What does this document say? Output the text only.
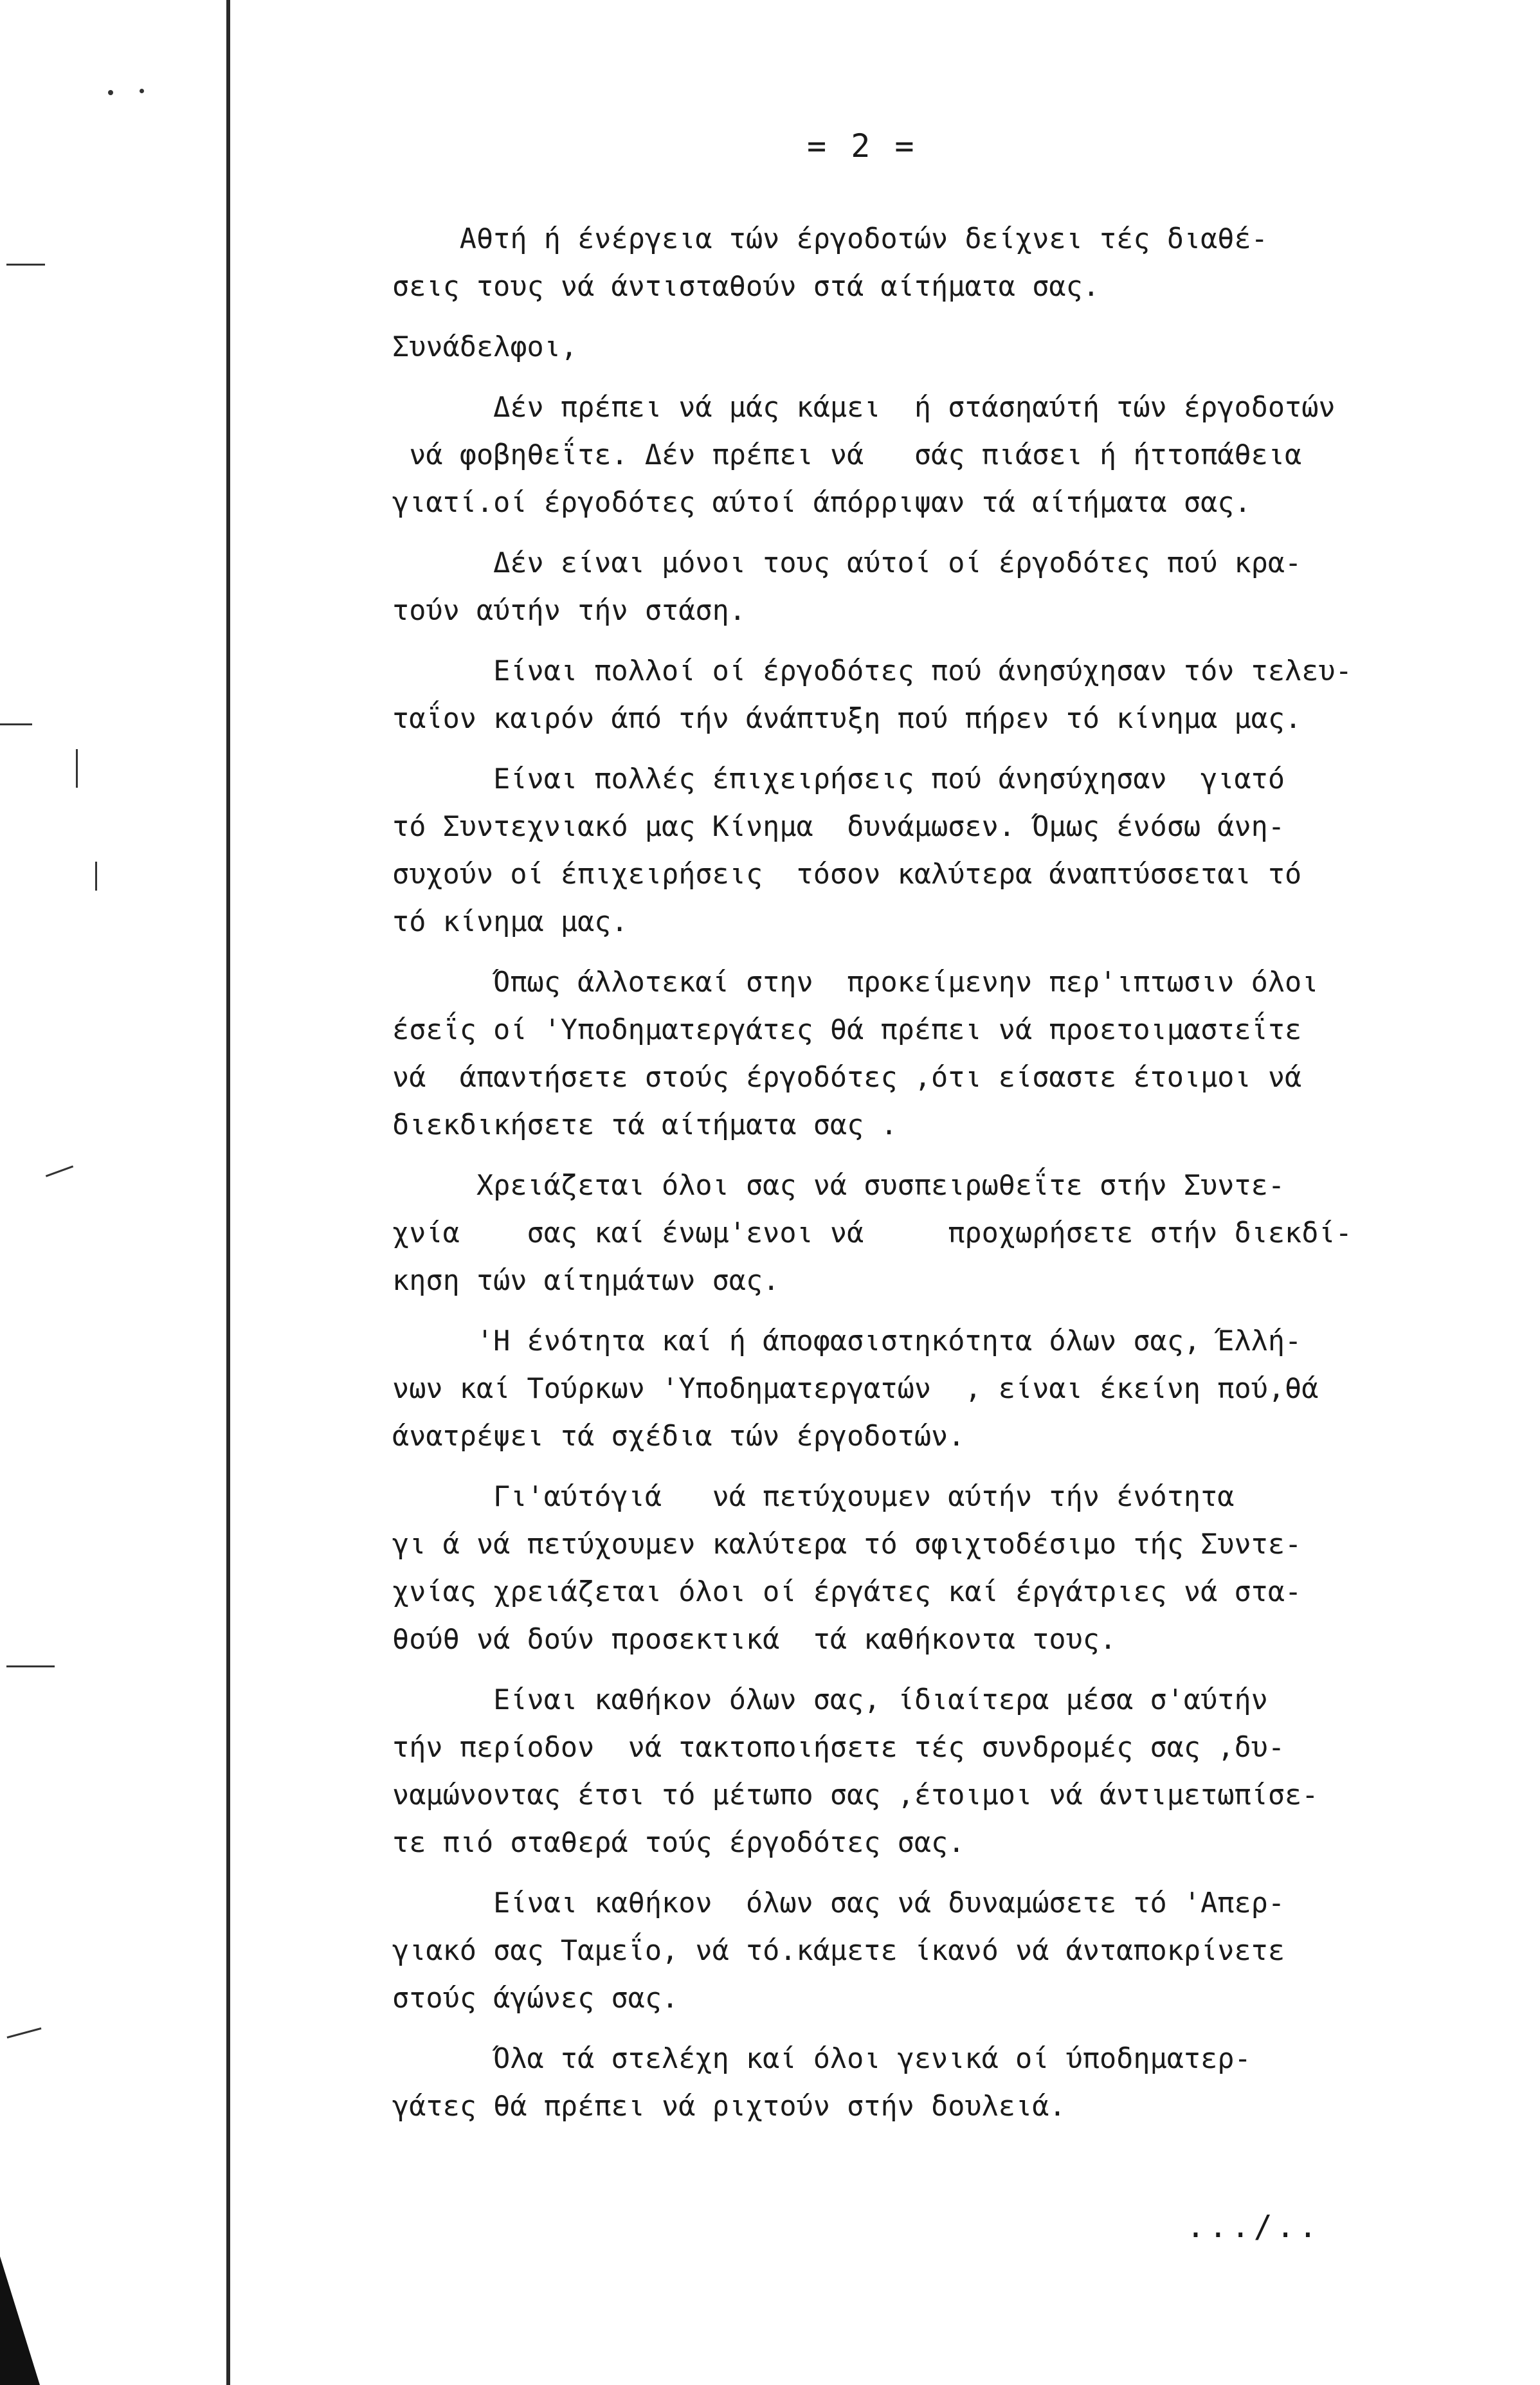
= 2 =
Αθτή ή ένέργεια τών έργοδοτών δείχνει τές διαθέ-
σεις τους νά άντισταθούν στά αίτήματα σας.
Συνάδελφοι,
Δέν πρέπει νά μάς κάμει  ή στάσηαύτή τών έργοδοτών
νά φοβηθεΐτε. Δέν πρέπει νά   σάς πιάσει ή ήττοπάθεια
γιατί.οί έργοδότες αύτοί άπόρριψαν τά αίτήματα σας.
Δέν είναι μόνοι τους αύτοί οί έργοδότες πού κρα-
τούν αύτήν τήν στάση.
Είναι πολλοί οί έργοδότες πού άνησύχησαν τόν τελευ-
ταΐον καιρόν άπό τήν άνάπτυξη πού πήρεν τό κίνημα μας.
Είναι πολλές έπιχειρήσεις πού άνησύχησαν  γιατό
τό Συντεχνιακό μας Κίνημα  δυνάμωσεν. Όμως ένόσω άνη-
συχούν οί έπιχειρήσεις  τόσον καλύτερα άναπτύσσεται τό
τό κίνημα μας.
Όπως άλλοτεκαί στην  προκείμενην περ'ιπτωσιν όλοι
έσεΐς οί 'Υποδηματεργάτες θά πρέπει νά προετοιμαστεΐτε
νά  άπαντήσετε στούς έργοδότες ,ότι είσαστε έτοιμοι νά
διεκδικήσετε τά αίτήματα σας .
Χρειάζεται όλοι σας νά συσπειρωθεΐτε στήν Συντε-
χνία    σας καί ένωμ'ενοι νά     προχωρήσετε στήν διεκδί-
κηση τών αίτημάτων σας.
'Η ένότητα καί ή άποφασιστηκότητα όλων σας, Έλλή-
νων καί Τούρκων 'Υποδηματεργατών  , είναι έκείνη πού,θά
άνατρέψει τά σχέδια τών έργοδοτών.
Γι'αύτόγιά   νά πετύχουμεν αύτήν τήν ένότητα
γι ά νά πετύχουμεν καλύτερα τό σφιχτοδέσιμο τής Συντε-
χνίας χρειάζεται όλοι οί έργάτες καί έργάτριες νά στα-
θούθ νά δούν προσεκτικά  τά καθήκοντα τους.
Είναι καθήκον όλων σας, ίδιαίτερα μέσα σ'αύτήν
τήν περίοδον  νά τακτοποιήσετε τές συνδρομές σας ,δυ-
ναμώνοντας έτσι τό μέτωπο σας ,έτοιμοι νά άντιμετωπίσε-
τε πιό σταθερά τούς έργοδότες σας.
Είναι καθήκον  όλων σας νά δυναμώσετε τό 'Απερ-
γιακό σας Ταμεΐο, νά τό.κάμετε ίκανό νά άνταποκρίνετε
στούς άγώνες σας.
Όλα τά στελέχη καί όλοι γενικά οί ύποδηματερ-
γάτες θά πρέπει νά ριχτούν στήν δουλειά.
.../..
